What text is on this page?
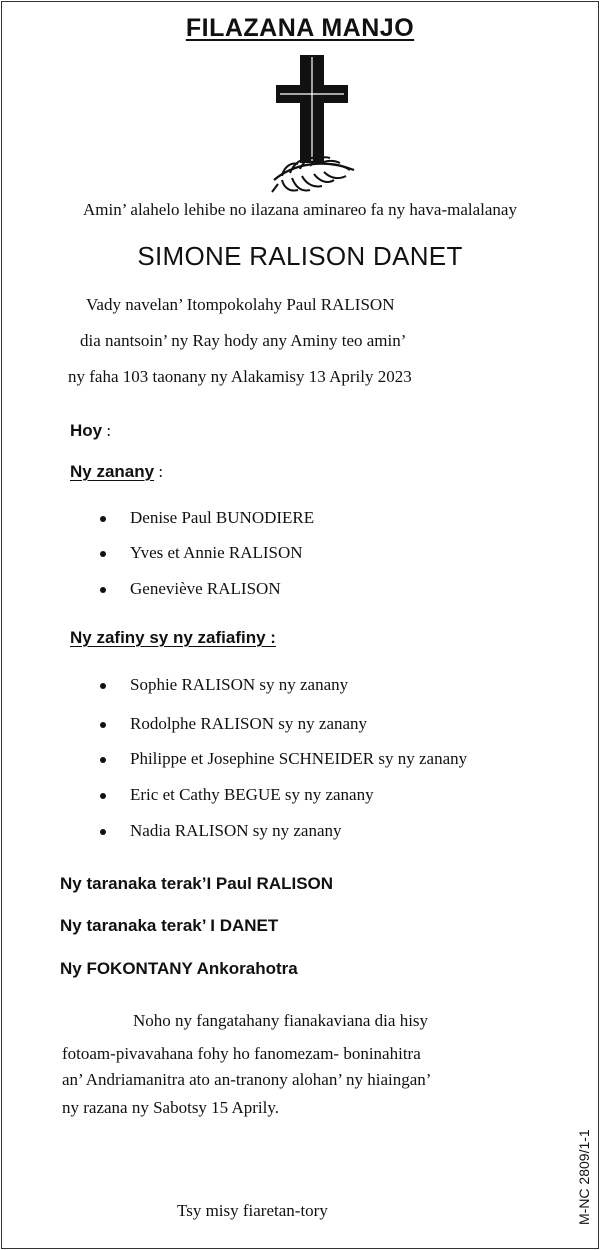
FILAZANA MANJO
Amin’ alahelo lehibe no ilazana aminareo fa ny hava-malalanay
SIMONE RALISON DANET
Vady navelan’ Itompokolahy Paul RALISON
dia nantsoin’ ny Ray hody any Aminy teo amin’
ny faha 103 taonany ny Alakamisy 13 Aprily 2023
Hoy :
Ny zanany :
Denise Paul BUNODIERE
Yves et Annie RALISON
Geneviève RALISON
Ny zafiny sy ny zafiafiny :
Sophie RALISON sy ny zanany
Rodolphe RALISON sy ny zanany
Philippe et Josephine SCHNEIDER sy ny zanany
Eric et Cathy BEGUE sy ny zanany
Nadia RALISON sy ny zanany
Ny taranaka terak’I Paul RALISON
Ny taranaka terak’ I DANET
Ny FOKONTANY Ankorahotra
Noho ny fangatahany fianakaviana dia hisy
fotoam-pivavahana fohy ho fanomezam- boninahitra
an’ Andriamanitra ato an-tranony alohan’ ny hiaingan’
ny razana ny Sabotsy 15 Aprily.
Tsy misy fiaretan-tory	M-NC 2809/1-1
